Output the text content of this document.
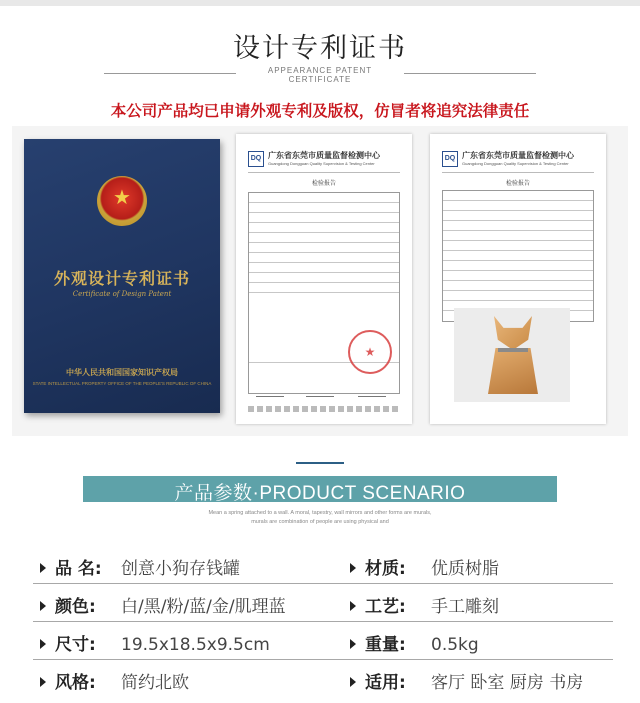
设计专利证书
APPEARANCE PATENT CERTIFICATE
本公司产品均已申请外观专利及版权，仿冒者将追究法律责任
★
外观设计专利证书
Certificate of Design Patent
中华人民共和国国家知识产权局
STATE INTELLECTUAL PROPERTY OFFICE OF THE PEOPLE'S REPUBLIC OF CHINA
DQ 广东省东莞市质量监督检测中心
Guangdong Dongguan Quality Supervision & Testing Center
检验报告
★
DQ 广东省东莞市质量监督检测中心
Guangdong Dongguan Quality Supervision & Testing Center
检验报告
产品参数·PRODUCT SCENARIO
Mean a spring attached to a wall. A moral, tapestry, wall mirrors and other forms are murals,
murals are combination of people are using physical and
品 名: 创意小狗存钱罐	材质: 优质树脂
颜色: 白/黑/粉/蓝/金/肌理蓝	工艺: 手工雕刻
尺寸: 19.5x18.5x9.5cm	重量: 0.5kg
风格: 简约北欧	适用: 客厅 卧室 厨房 书房
